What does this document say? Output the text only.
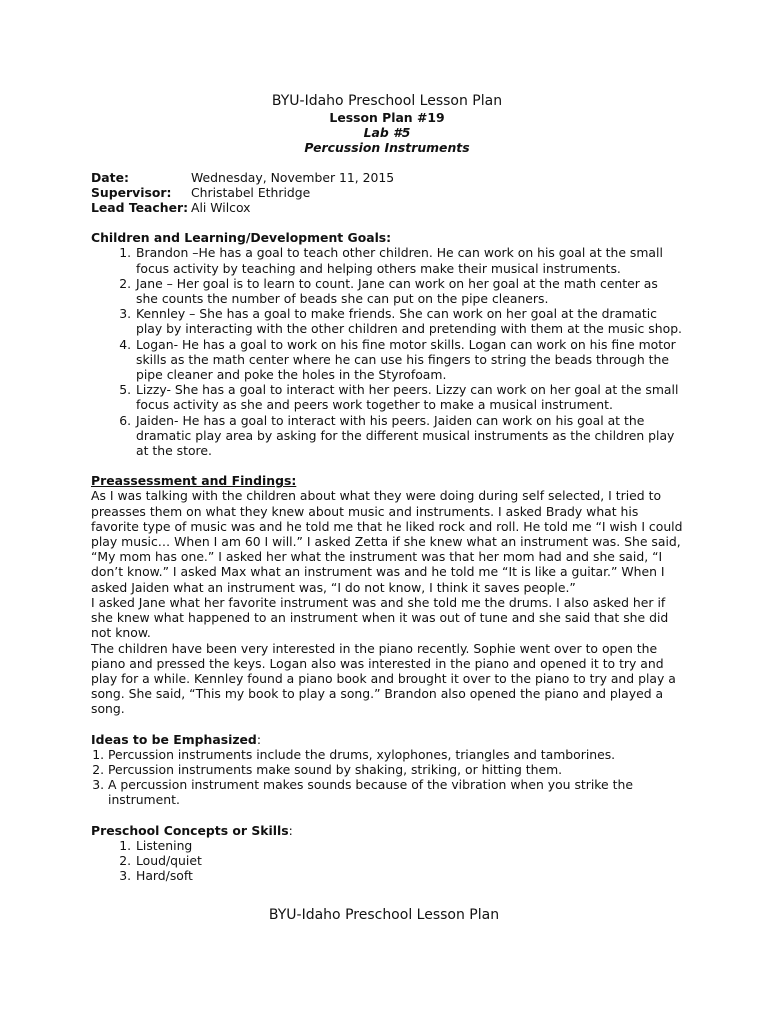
BYU-Idaho Preschool Lesson Plan
Lesson Plan #19
Lab #5
Percussion Instruments
Date:	Wednesday, November 11, 2015
Supervisor:	Christabel Ethridge
Lead Teacher: Ali Wilcox
Children and Learning/Development Goals:
1. Brandon –He has a goal to teach other children. He can work on his goal at the small focus activity by teaching and helping others make their musical instruments.
2. Jane – Her goal is to learn to count. Jane can work on her goal at the math center as she counts the number of beads she can put on the pipe cleaners.
3. Kennley – She has a goal to make friends. She can work on her goal at the dramatic play by interacting with the other children and pretending with them at the music shop.
4. Logan- He has a goal to work on his fine motor skills. Logan can work on his fine motor skills as the math center where he can use his fingers to string the beads through the pipe cleaner and poke the holes in the Styrofoam.
5. Lizzy- She has a goal to interact with her peers. Lizzy can work on her goal at the small focus activity as she and peers work together to make a musical instrument.
6. Jaiden- He has a goal to interact with his peers. Jaiden can work on his goal at the dramatic play area by asking for the different musical instruments as the children play at the store.
Preassessment and Findings:

As I was talking with the children about what they were doing during self selected, I tried to preasses them on what they knew about music and instruments. I asked Brady what his favorite type of music was and he told me that he liked rock and roll. He told me “I wish I could play music… When I am 60 I will.” I asked Zetta if she knew what an instrument was. She said, “My mom has one.” I asked her what the instrument was that her mom had and she said, “I don’t know.” I asked Max what an instrument was and he told me “It is like a guitar.” When I asked Jaiden what an instrument was, “I do not know, I think it saves people.”

I asked Jane what her favorite instrument was and she told me the drums. I also asked her if she knew what happened to an instrument when it was out of tune and she said that she did not know.

The children have been very interested in the piano recently. Sophie went over to open the piano and pressed the keys. Logan also was interested in the piano and opened it to try and play for a while. Kennley found a piano book and brought it over to the piano to try and play a song. She said, “This my book to play a song.” Brandon also opened the piano and played a song.

Ideas to be Emphasized:
1. Percussion instruments include the drums, xylophones, triangles and tamborines.
2. Percussion instruments make sound by shaking, striking, or hitting them.
3. A percussion instrument makes sounds because of the vibration when you strike the instrument.
Preschool Concepts or Skills:
1. Listening
2. Loud/quiet
3. Hard/soft
BYU-Idaho Preschool Lesson Plan
